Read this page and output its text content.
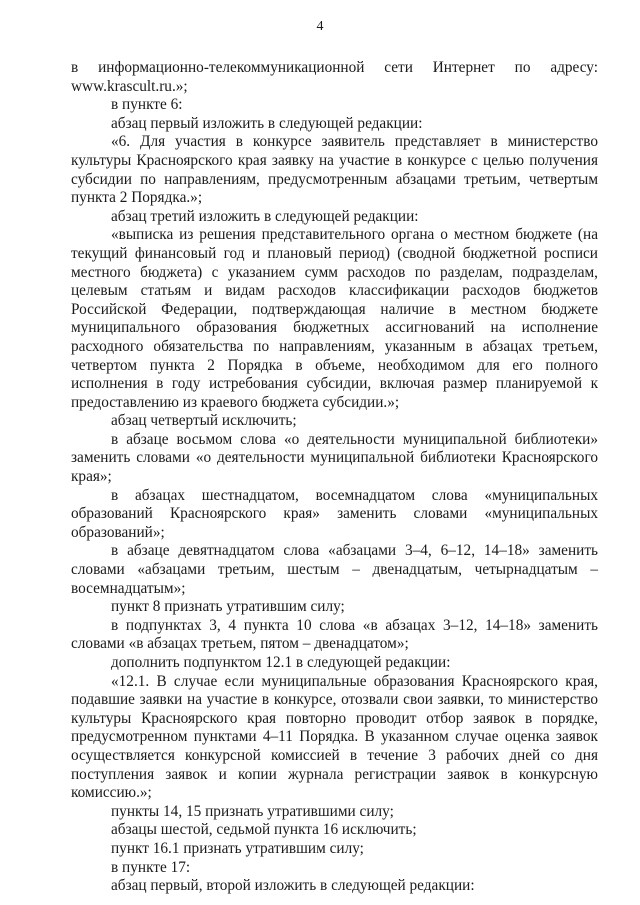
4

в информационно-телекоммуникационной сети Интернет по адресу: www.krascult.ru.»;

в пункте 6:

абзац первый изложить в следующей редакции:

«6. Для участия в конкурсе заявитель представляет в министерство культуры Красноярского края заявку на участие в конкурсе с целью получения субсидии по направлениям, предусмотренным абзацами третьим, четвертым пункта 2 Порядка.»;

абзац третий изложить в следующей редакции:

«выписка из решения представительного органа о местном бюджете (на текущий финансовый год и плановый период) (сводной бюджетной росписи местного бюджета) с указанием сумм расходов по разделам, подразделам, целевым статьям и видам расходов классификации расходов бюджетов Российской Федерации, подтверждающая наличие в местном бюджете муниципального образования бюджетных ассигнований на исполнение расходного обязательства по направлениям, указанным в абзацах третьем, четвертом пункта 2 Порядка в объеме, необходимом для его полного исполнения в году истребования субсидии, включая размер планируемой к предоставлению из краевого бюджета субсидии.»;

абзац четвертый исключить;

в абзаце восьмом слова «о деятельности муниципальной библиотеки» заменить словами «о деятельности муниципальной библиотеки Красноярского края»;

в абзацах шестнадцатом, восемнадцатом слова «муниципальных образований Красноярского края» заменить словами «муниципальных образований»;

в абзаце девятнадцатом слова «абзацами 3–4, 6–12, 14–18» заменить словами «абзацами третьим, шестым – двенадцатым, четырнадцатым – восемнадцатым»;

пункт 8 признать утратившим силу;

в подпунктах 3, 4 пункта 10 слова «в абзацах 3–12, 14–18» заменить словами «в абзацах третьем, пятом – двенадцатом»;

дополнить подпунктом 12.1 в следующей редакции:

«12.1. В случае если муниципальные образования Красноярского края, подавшие заявки на участие в конкурсе, отозвали свои заявки, то министерство культуры Красноярского края повторно проводит отбор заявок в порядке, предусмотренном пунктами 4–11 Порядка. В указанном случае оценка заявок осуществляется конкурсной комиссией в течение 3 рабочих дней со дня поступления заявок и копии журнала регистрации заявок в конкурсную комиссию.»;

пункты 14, 15 признать утратившими силу;

абзацы шестой, седьмой пункта 16 исключить;

пункт 16.1 признать утратившим силу;

в пункте 17:

абзац первый, второй изложить в следующей редакции:
